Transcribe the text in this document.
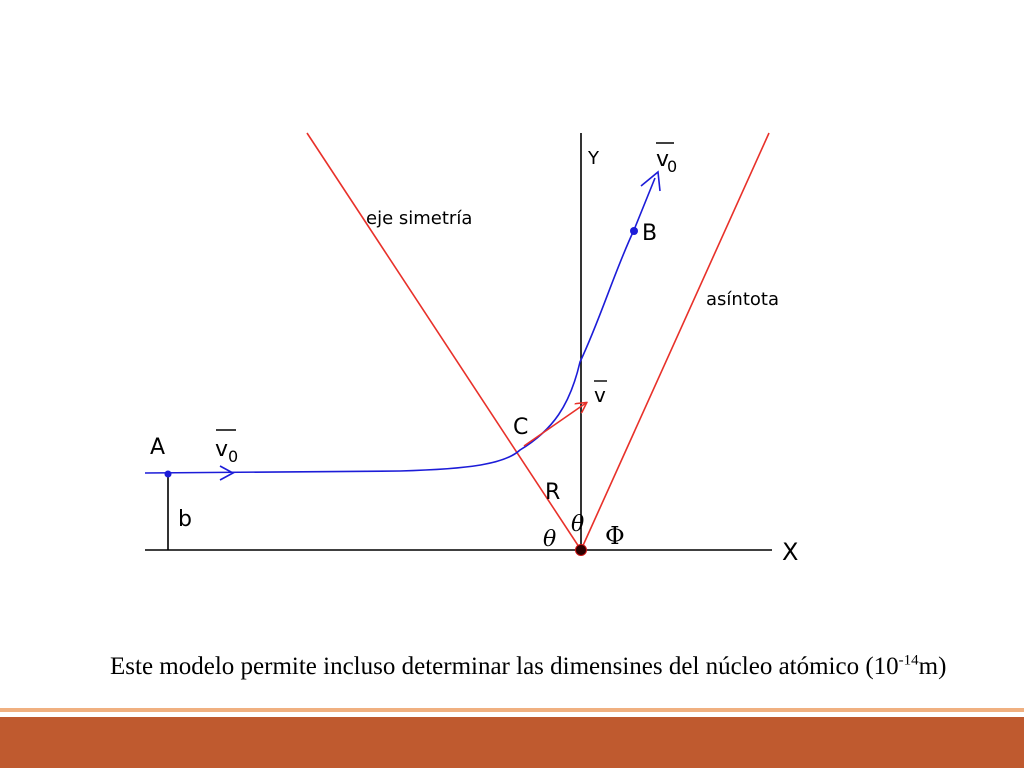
A
B
C
b
R
X
Y
θ
θ Φ
v 0
v
0
v
eje simetría
asíntota
Este modelo permite incluso determinar las dimensines del núcleo atómico $(10^{-14}m)$
